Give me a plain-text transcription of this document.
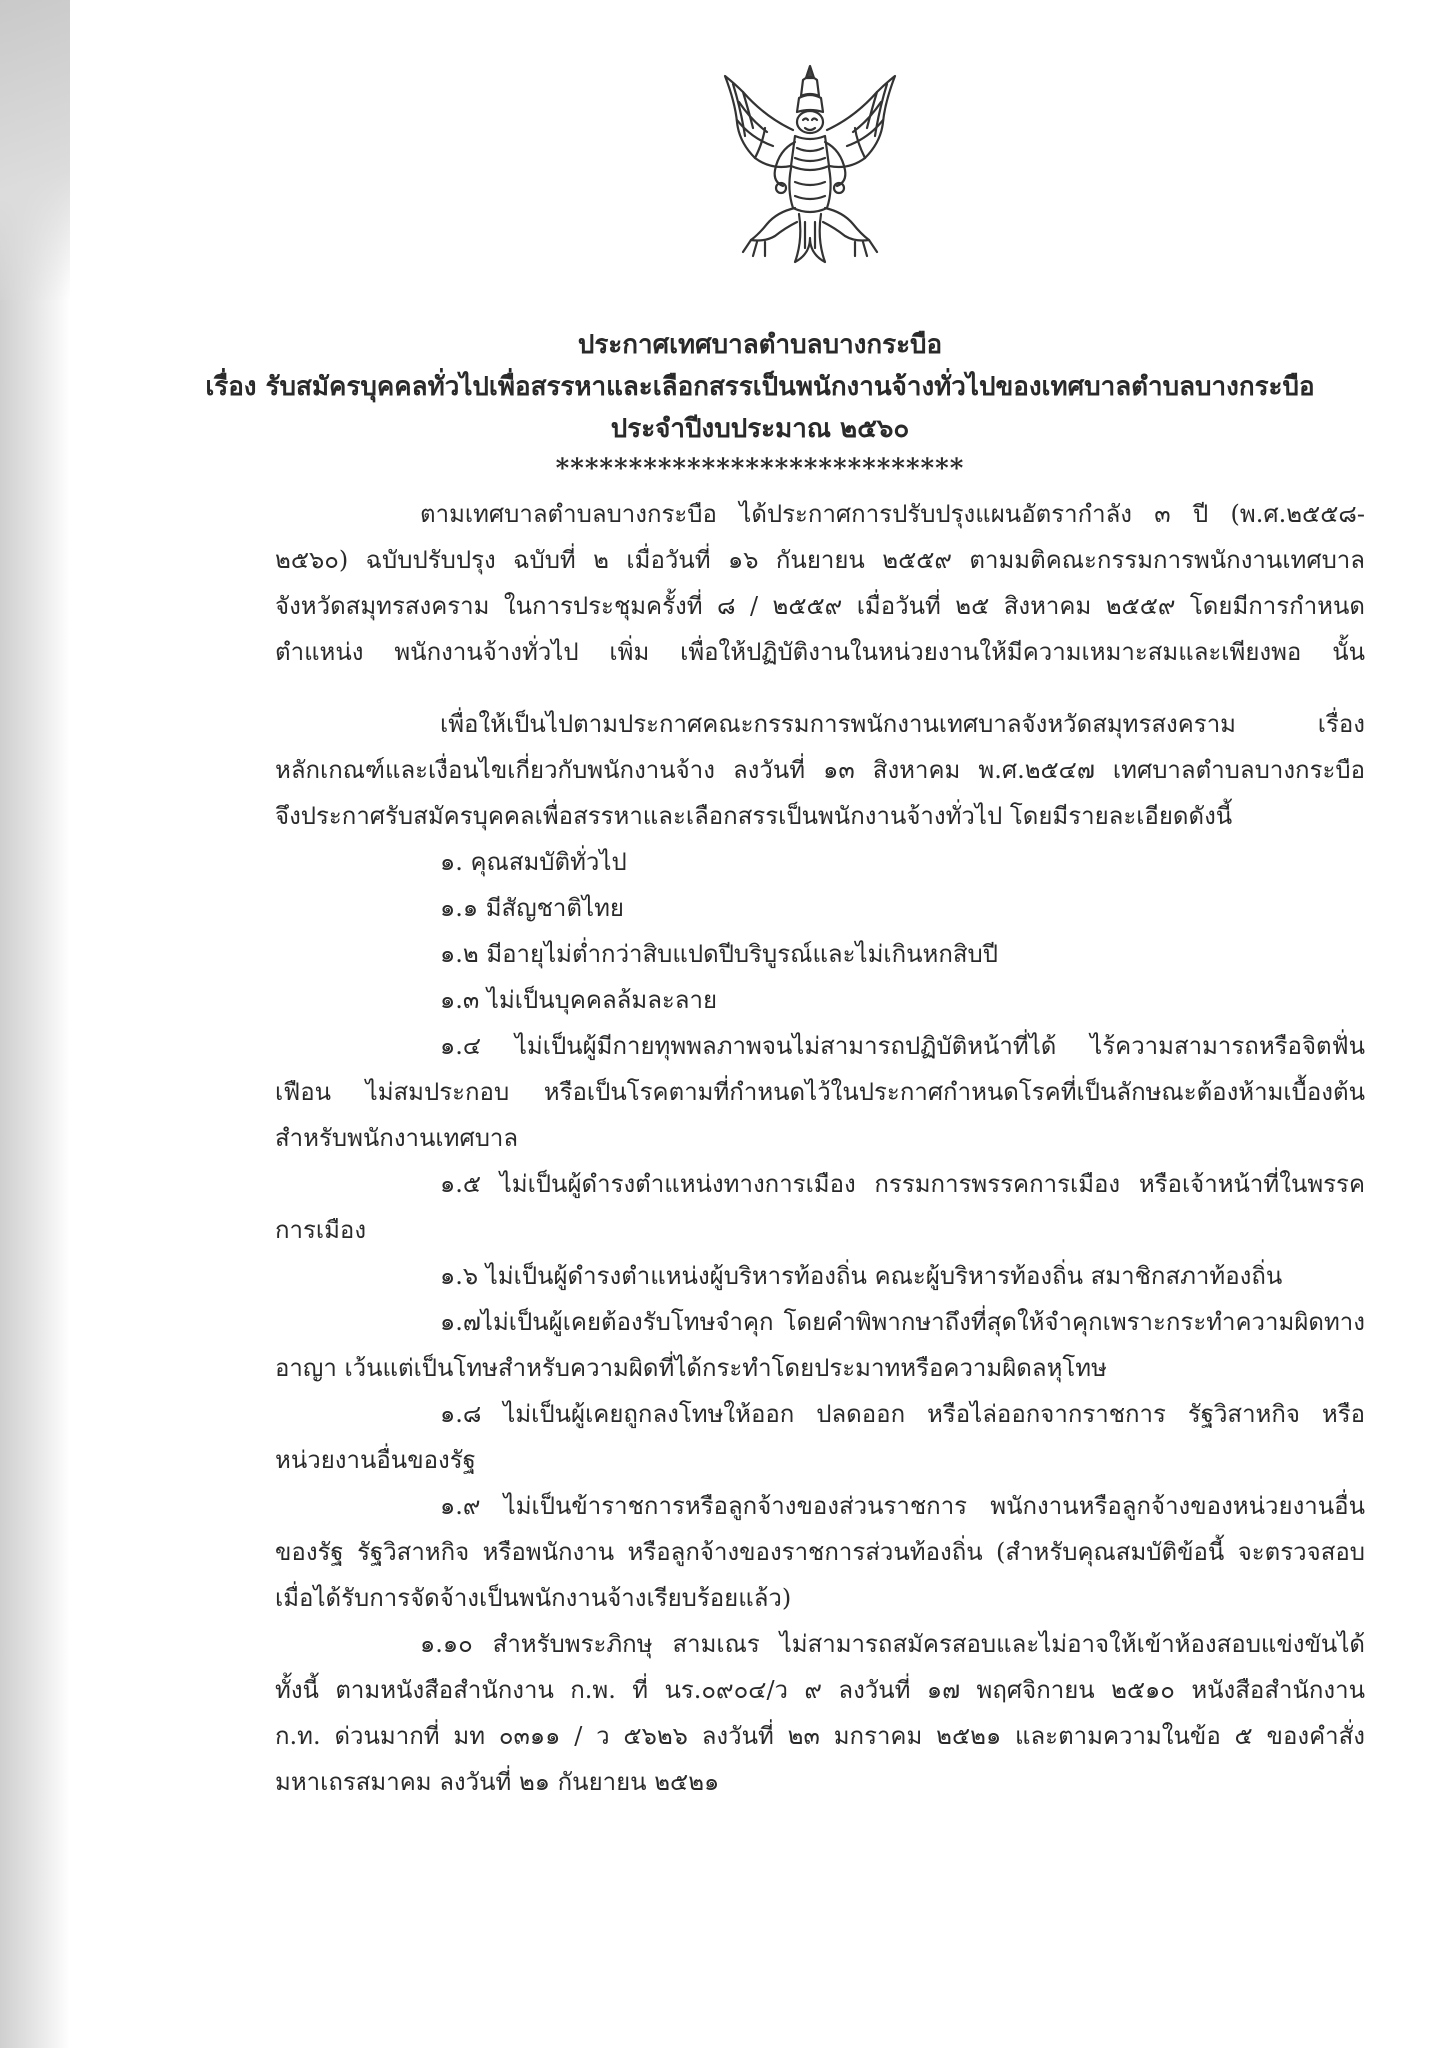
ประกาศเทศบาลตำบลบางกระบือ
เรื่อง รับสมัครบุคคลทั่วไปเพื่อสรรหาและเลือกสรรเป็นพนักงานจ้างทั่วไปของเทศบาลตำบลบางกระบือ
ประจำปีงบประมาณ ๒๕๖๐
****************************
ตามเทศบาลตำบลบางกระบือ ได้ประกาศการปรับปรุงแผนอัตรากำลัง ๓ ปี (พ.ศ.๒๕๕๘-
๒๕๖๐) ฉบับปรับปรุง ฉบับที่ ๒ เมื่อวันที่ ๑๖ กันยายน ๒๕๕๙ ตามมติคณะกรรมการพนักงานเทศบาล
จังหวัดสมุทรสงคราม ในการประชุมครั้งที่ ๘ / ๒๕๕๙ เมื่อวันที่ ๒๕ สิงหาคม ๒๕๕๙ โดยมีการกำหนด
ตำแหน่ง พนักงานจ้างทั่วไป เพิ่ม เพื่อให้ปฏิบัติงานในหน่วยงานให้มีความเหมาะสมและเพียงพอ นั้น
เพื่อให้เป็นไปตามประกาศคณะกรรมการพนักงานเทศบาลจังหวัดสมุทรสงคราม เรื่อง
หลักเกณฑ์และเงื่อนไขเกี่ยวกับพนักงานจ้าง ลงวันที่ ๑๓ สิงหาคม พ.ศ.๒๕๔๗ เทศบาลตำบลบางกระบือ
จึงประกาศรับสมัครบุคคลเพื่อสรรหาและเลือกสรรเป็นพนักงานจ้างทั่วไป โดยมีรายละเอียดดังนี้
๑. คุณสมบัติทั่วไป
๑.๑ มีสัญชาติไทย
๑.๒ มีอายุไม่ต่ำกว่าสิบแปดปีบริบูรณ์และไม่เกินหกสิบปี
๑.๓ ไม่เป็นบุคคลล้มละลาย
๑.๔ ไม่เป็นผู้มีกายทุพพลภาพจนไม่สามารถปฏิบัติหน้าที่ได้ ไร้ความสามารถหรือจิตฟั่น
เฟือน ไม่สมประกอบ หรือเป็นโรคตามที่กำหนดไว้ในประกาศกำหนดโรคที่เป็นลักษณะต้องห้ามเบื้องต้น
สำหรับพนักงานเทศบาล
๑.๕ ไม่เป็นผู้ดำรงตำแหน่งทางการเมือง กรรมการพรรคการเมือง หรือเจ้าหน้าที่ในพรรค
การเมือง
๑.๖ ไม่เป็นผู้ดำรงตำแหน่งผู้บริหารท้องถิ่น คณะผู้บริหารท้องถิ่น สมาชิกสภาท้องถิ่น
๑.๗ไม่เป็นผู้เคยต้องรับโทษจำคุก โดยคำพิพากษาถึงที่สุดให้จำคุกเพราะกระทำความผิดทาง
อาญา เว้นแต่เป็นโทษสำหรับความผิดที่ได้กระทำโดยประมาทหรือความผิดลหุโทษ
๑.๘ ไม่เป็นผู้เคยถูกลงโทษให้ออก ปลดออก หรือไล่ออกจากราชการ รัฐวิสาหกิจ หรือ
หน่วยงานอื่นของรัฐ
๑.๙ ไม่เป็นข้าราชการหรือลูกจ้างของส่วนราชการ พนักงานหรือลูกจ้างของหน่วยงานอื่น
ของรัฐ รัฐวิสาหกิจ หรือพนักงาน หรือลูกจ้างของราชการส่วนท้องถิ่น (สำหรับคุณสมบัติข้อนี้ จะตรวจสอบ
เมื่อได้รับการจัดจ้างเป็นพนักงานจ้างเรียบร้อยแล้ว)
๑.๑๐ สำหรับพระภิกษุ สามเณร ไม่สามารถสมัครสอบและไม่อาจให้เข้าห้องสอบแข่งขันได้
ทั้งนี้ ตามหนังสือสำนักงาน ก.พ. ที่ นร.๐๙๐๔/ว ๙ ลงวันที่ ๑๗ พฤศจิกายน ๒๕๑๐ หนังสือสำนักงาน
ก.ท. ด่วนมากที่ มท ๐๓๑๑ / ว ๕๖๒๖ ลงวันที่ ๒๓ มกราคม ๒๕๒๑ และตามความในข้อ ๕ ของคำสั่ง
มหาเถรสมาคม ลงวันที่ ๒๑ กันยายน ๒๕๒๑
